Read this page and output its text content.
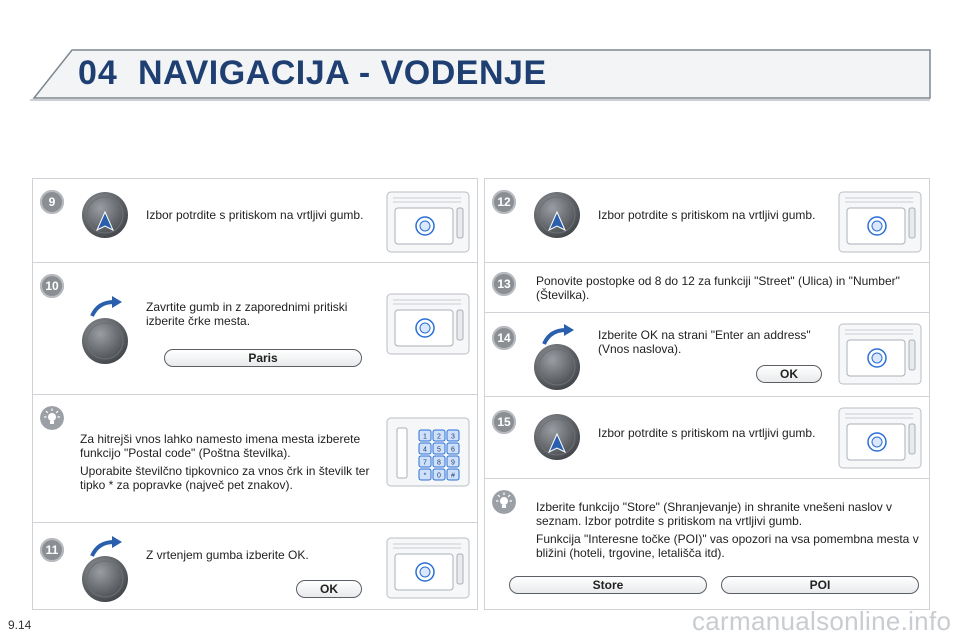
04 NAVIGACIJA - VODENJE
9
Izbor potrdite s pritiskom na vrtljivi gumb.
10
Zavrtite gumb in z zaporednimi pritiski izberite črke mesta.
Paris

Za hitrejši vnos lahko namesto imena mesta izberete funkcijo "Postal code" (Poštna številka).

Uporabite številčno tipkovnico za vnos črk in številk ter tipko * za popravke (največ pet znakov).

1 2 3
4 5 6
7 8 9
* 0 #
11	Z vrtenjem gumba izberite OK.
OK
12
Izbor potrdite s pritiskom na vrtljivi gumb.
13	Ponovite postopke od 8 do 12 za funkciji "Street" (Ulica) in "Number" (Številka).
14	Izberite OK na strani "Enter an address" (Vnos naslova).
OK
15
Izbor potrdite s pritiskom na vrtljivi gumb.

Izberite funkcijo "Store" (Shranjevanje) in shranite vnešeni naslov v seznam. Izbor potrdite s pritiskom na vrtljivi gumb.

Funkcija "Interesne točke (POI)" vas opozori na vsa pomembna mesta v bližini (hoteli, trgovine, letališča itd).

Store	POI
9.14	carmanualsonline.info
